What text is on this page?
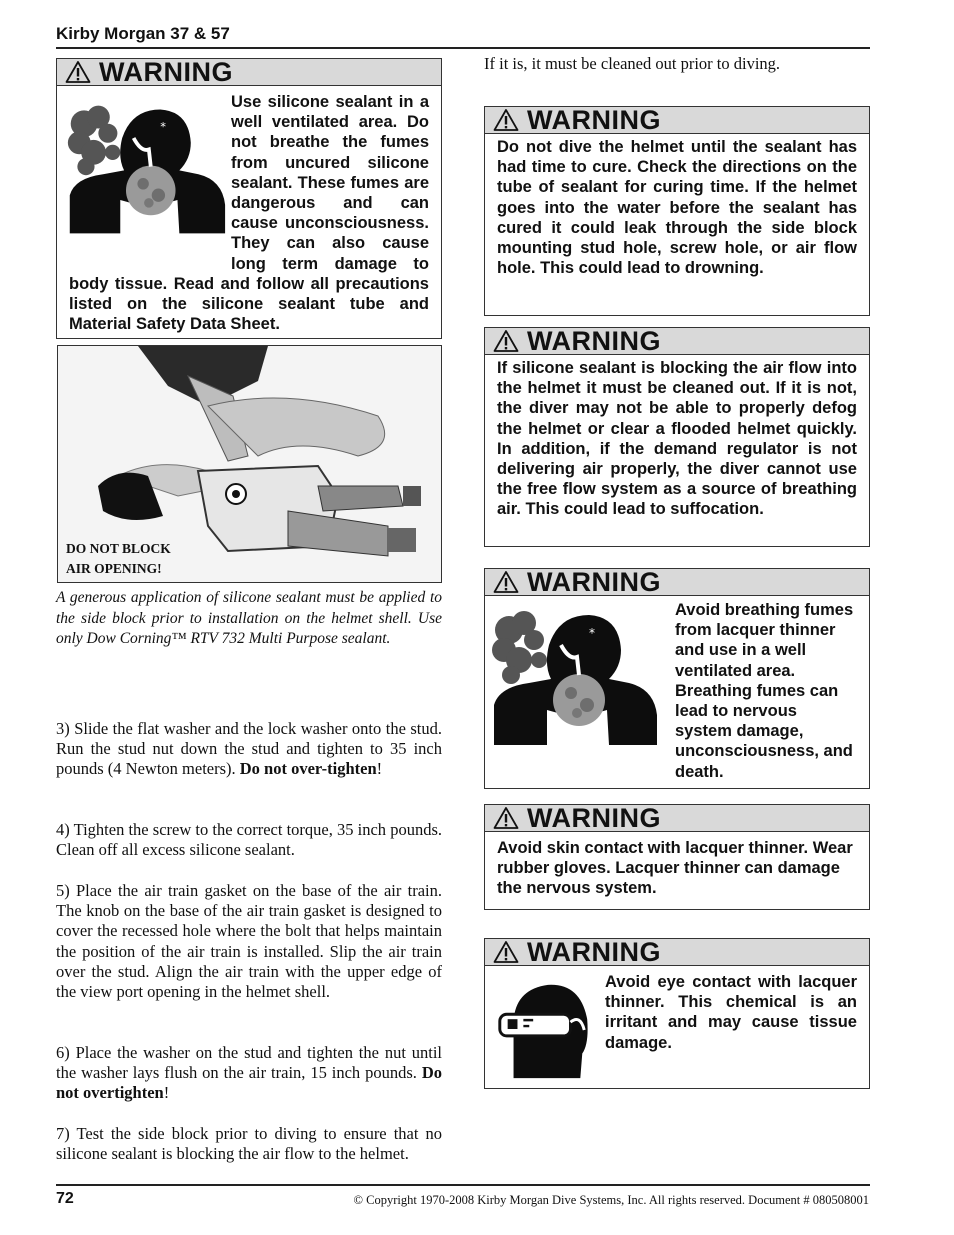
Kirby Morgan 37 & 57
WARNING
Use silicone sealant in a well ventilated area. Do not breathe the fumes from uncured silicone sealant. These fumes are dangerous and can cause unconsciousness. They can also cause long term damage to body tissue. Read and follow all precautions listed on the silicone sealant tube and Material Safety Data Sheet.
DO NOT BLOCK
AIR OPENING!
A generous application of silicone sealant must be applied to the side block prior to installation on the helmet shell. Use only Dow Corning™ RTV 732 Multi Purpose sealant.
3) Slide the flat washer and the lock washer onto the stud. Run the stud nut down the stud and tighten to 35 inch pounds (4 Newton meters). Do not over-tighten!
4) Tighten the screw to the correct torque, 35 inch pounds. Clean off all excess silicone sealant.
5) Place the air train gasket on the base of the air train. The knob on the base of the air train gasket is designed to cover the recessed hole where the bolt that helps maintain the position of the air train is installed. Slip the air train over the stud. Align the air train with the upper edge of the view port opening in the helmet shell.
6) Place the washer on the stud and tighten the nut until the washer lays flush on the air train, 15 inch pounds. Do not overtighten!
7) Test the side block prior to diving to ensure that no silicone sealant is blocking the air flow to the helmet.
If it is, it must be cleaned out prior to diving.
WARNING
Do not dive the helmet until the sealant has had time to cure. Check the directions on the tube of sealant for curing time. If the helmet goes into the water before the sealant has cured it could leak through the side block mounting stud hole, screw hole, or air flow hole. This could lead to drowning.
WARNING
If silicone sealant is blocking the air flow into the helmet it must be cleaned out. If it is not, the diver may not be able to properly defog the helmet or clear a flooded helmet quickly. In addition, if the demand regulator is not delivering air properly, the diver cannot use the free flow system as a source of breathing air. This could lead to suffocation.
WARNING
Avoid breathing fumes from lacquer thinner and use in a well ventilated area. Breathing fumes can lead to nervous system damage, unconsciousness, and death.
WARNING
Avoid skin contact with lacquer thinner. Wear rubber gloves. Lacquer thinner can damage the nervous system.
WARNING
Avoid eye contact with lacquer thinner. This chemical is an irritant and may cause tissue damage.
72	© Copyright 1970-2008 Kirby Morgan Dive Systems, Inc. All rights reserved. Document # 080508001
